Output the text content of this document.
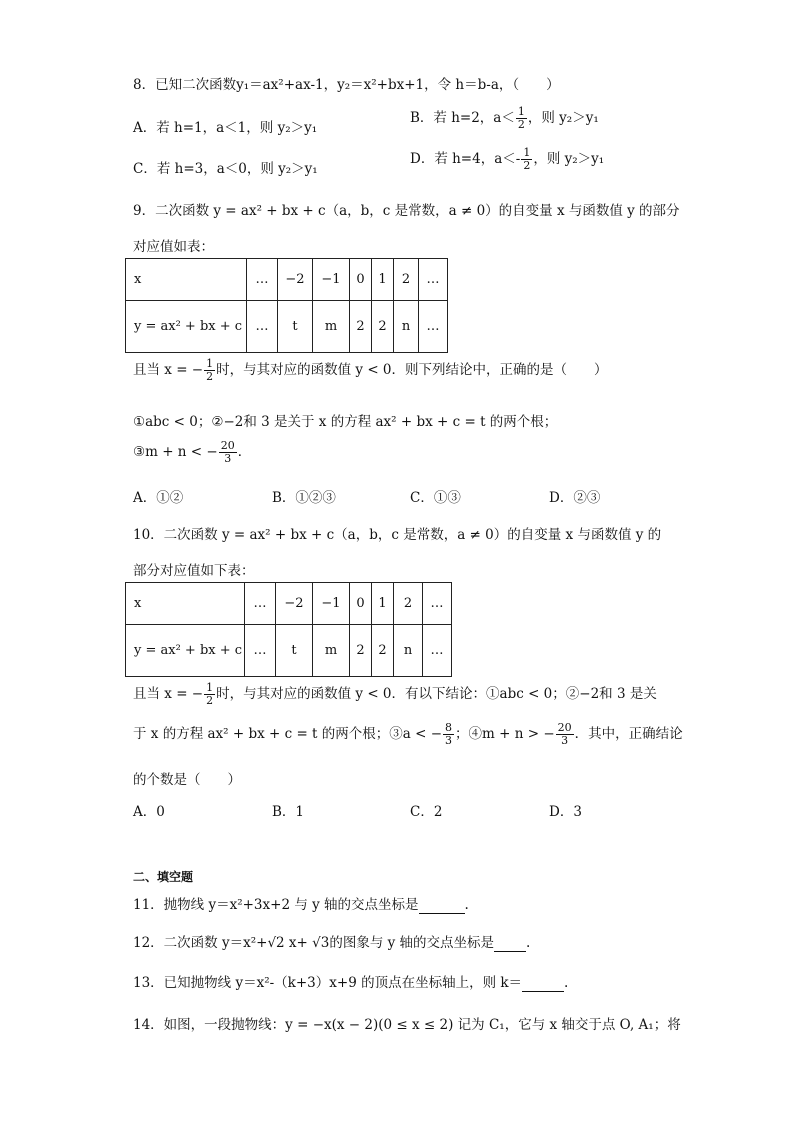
8．已知二次函数y₁＝ax²+ax-1，y₂＝x²+bx+1，令 h＝b-a，（　　）
A．若 h=1，a＜1，则 y₂＞y₁
B．若 h=2，$a< \frac{1}{2}$ ，则 y₂＞y₁
C．若 h=3，a＜0，则 y₂＞y₁
D．若 h=4，$a<- \frac{1}{2}$ ，则 y₂＞y₁
9．二次函数 y = ax² + bx + c（a，b，c 是常数，a ≠ 0）的自变量 x 与函数值 y 的部分
对应值如表：
x	…	−2	−1	0	1	2	…
y = ax² + bx + c	…	t	m	2	2	n	…
且当 x = − $\frac{1}{2}$ 时，与其对应的函数值 y < 0．则下列结论中，正确的是（　　）
①abc < 0；②−2和 3 是关于 x 的方程 ax² + bx + c = t 的两个根；
③m + n < − $\frac{20}{3}$ ．
A．①②	B．①②③	C．①③	D．②③
10．二次函数 y = ax² + bx + c（a，b，c 是常数，a ≠ 0）的自变量 x 与函数值 y 的
部分对应值如下表：
x	…	−2	−1	0	1	2	…
y = ax² + bx + c	…	t	m	2	2	n	…
且当 x = − $\frac{1}{2}$ 时，与其对应的函数值 y < 0．有以下结论：①abc < 0；②−2和 3 是关
于 x 的方程 ax² + bx + c = t 的两个根；③a < − $\frac{8}{3}$ ；④m + n > − $\frac{20}{3}$ ．其中，正确结论
的个数是（　　）
A．0	B．1	C．2	D．3
二、填空题
11．抛物线 y＝x²+3x+2 与 y 轴的交点坐标是	.
12．二次函数 y＝x²+√2 x+ √3的图象与 y 轴的交点坐标是 .
13．已知抛物线 y＝x²-（k+3）x+9 的顶点在坐标轴上，则 k＝	.
14．如图，一段抛物线：y = −x(x − 2)(0 ≤ x ≤ 2) 记为 C₁，它与 x 轴交于点 O, A₁；将
